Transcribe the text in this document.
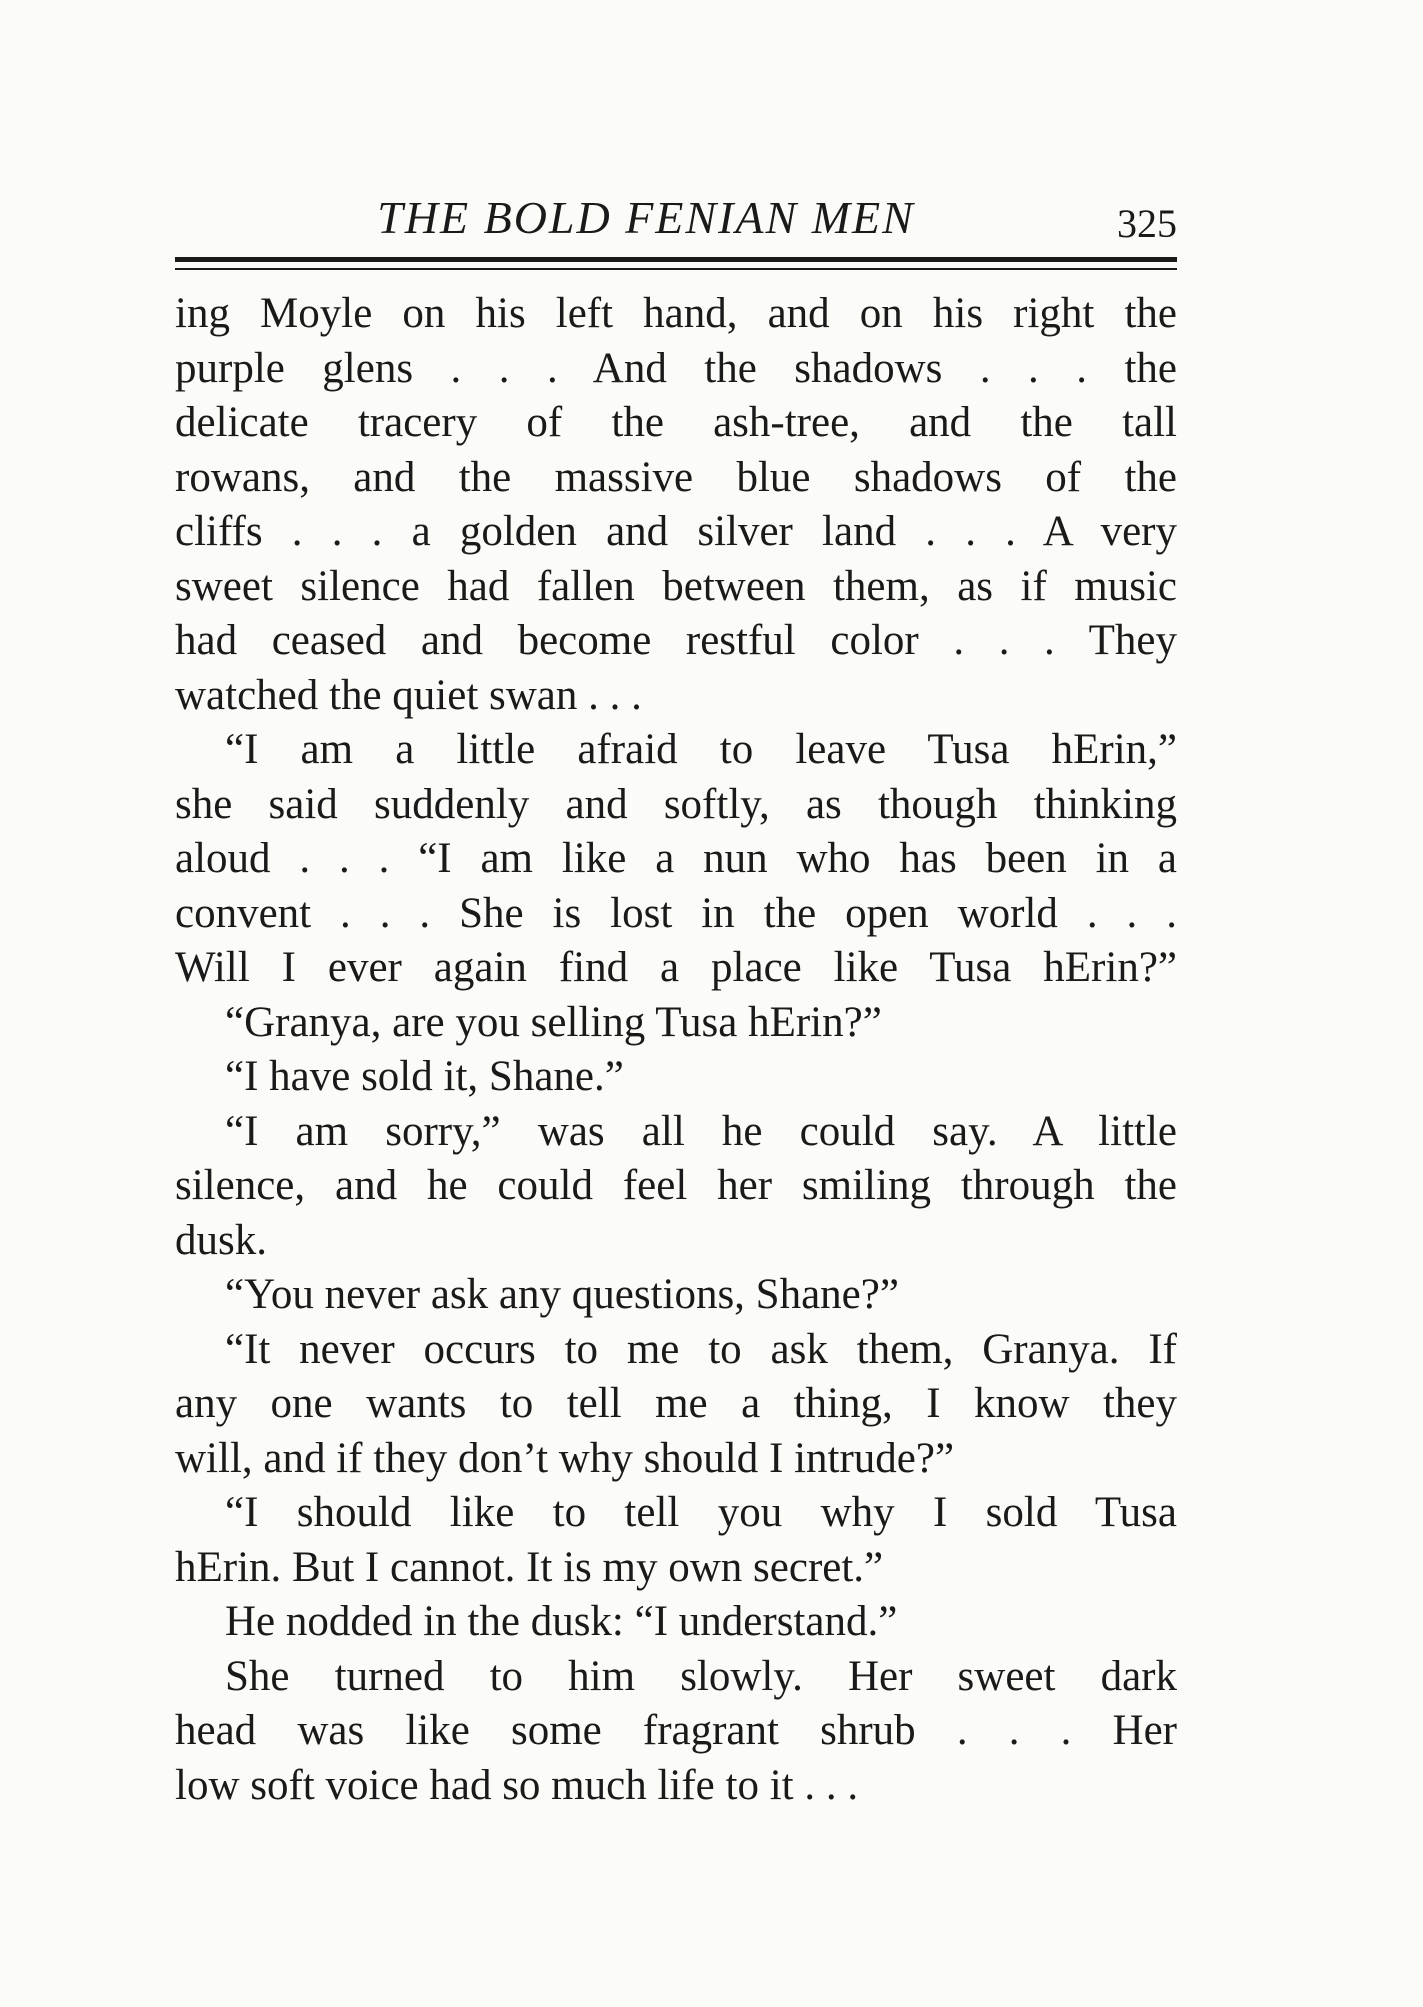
THE BOLD FENIAN MEN	325
ing Moyle on his left hand, and on his right the
purple glens . . . And the shadows . . . the
delicate tracery of the ash-tree, and the tall
rowans, and the massive blue shadows of the
cliffs . . . a golden and silver land . . . A very
sweet silence had fallen between them, as if music
had ceased and become restful color . . . They
watched the quiet swan . . .
“I am a little afraid to leave Tusa hErin,”
she said suddenly and softly, as though thinking
aloud . . . “I am like a nun who has been in a
convent . . . She is lost in the open world . . .
Will I ever again find a place like Tusa hErin?”
“Granya, are you selling Tusa hErin?”
“I have sold it, Shane.”
“I am sorry,” was all he could say. A little
silence, and he could feel her smiling through the
dusk.
“You never ask any questions, Shane?”
“It never occurs to me to ask them, Granya. If
any one wants to tell me a thing, I know they
will, and if they don’t why should I intrude?”
“I should like to tell you why I sold Tusa
hErin. But I cannot. It is my own secret.”
He nodded in the dusk: “I understand.”
She turned to him slowly. Her sweet dark
head was like some fragrant shrub . . . Her
low soft voice had so much life to it . . .
